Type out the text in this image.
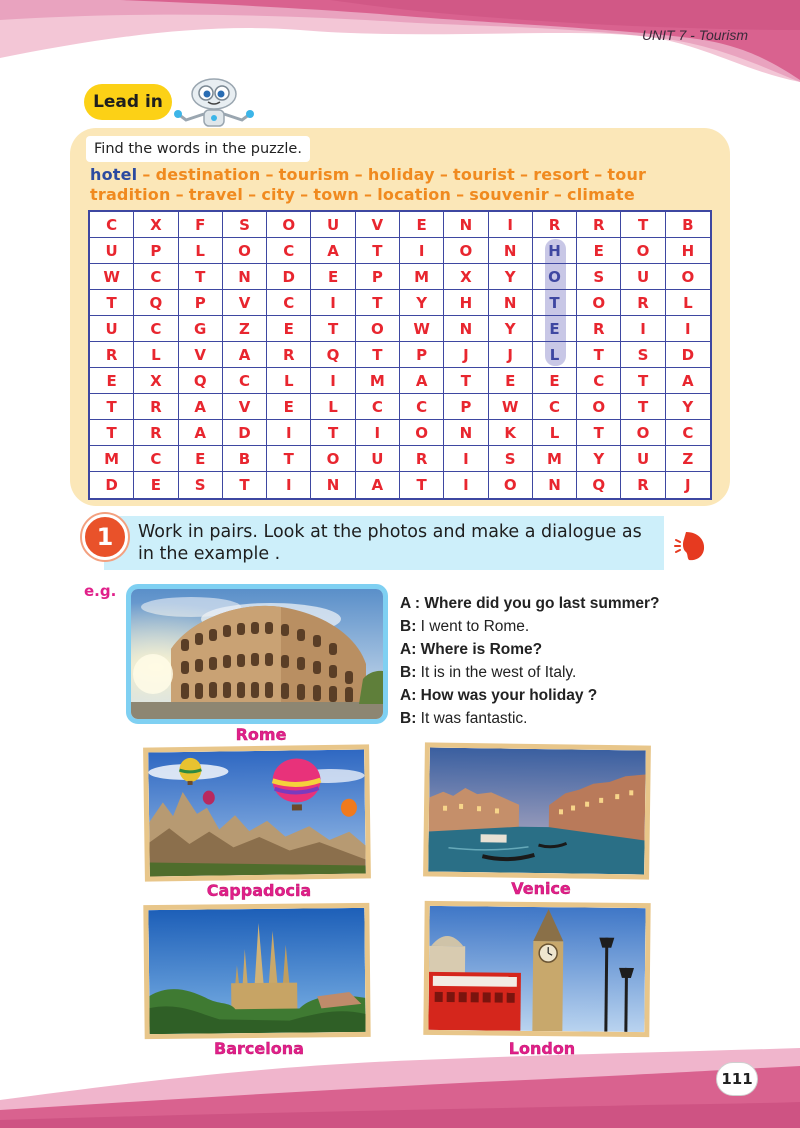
UNIT 7 - Tourism
Lead in
Find the words in the puzzle.
hotel – destination – tourism – holiday – tourist – resort – tour
tradition – travel – city – town – location – souvenir – climate
C	X	F	S	O	U	V	E	N	I	R	R	T	B
U	P	L	O	C	A	T	I	O	N	H	E	O	H
W	C	T	N	D	E	P	M	X	Y	O	S	U	O
T	Q	P	V	C	I	T	Y	H	N	T	O	R	L
U	C	G	Z	E	T	O	W	N	Y	E	R	I	I
R	L	V	A	R	Q	T	P	J	J	L	T	S	D
E	X	Q	C	L	I	M	A	T	E	E	C	T	A
T	R	A	V	E	L	C	C	P	W	C	O	T	Y
T	R	A	D	I	T	I	O	N	K	L	T	O	C
M	C	E	B	T	O	U	R	I	S	M	Y	U	Z
D	E	S	T	I	N	A	T	I	O	N	Q	R	J
1	Work in pairs. Look at the photos and make a dialogue as in the example .
e.g.
Rome
A : Where did you go last summer?
B: I went to Rome.
A: Where is Rome?
B: It is in the west of Italy.
A: How was your holiday ?
B: It was fantastic.
Cappadocia	Venice
Barcelona	London
111
